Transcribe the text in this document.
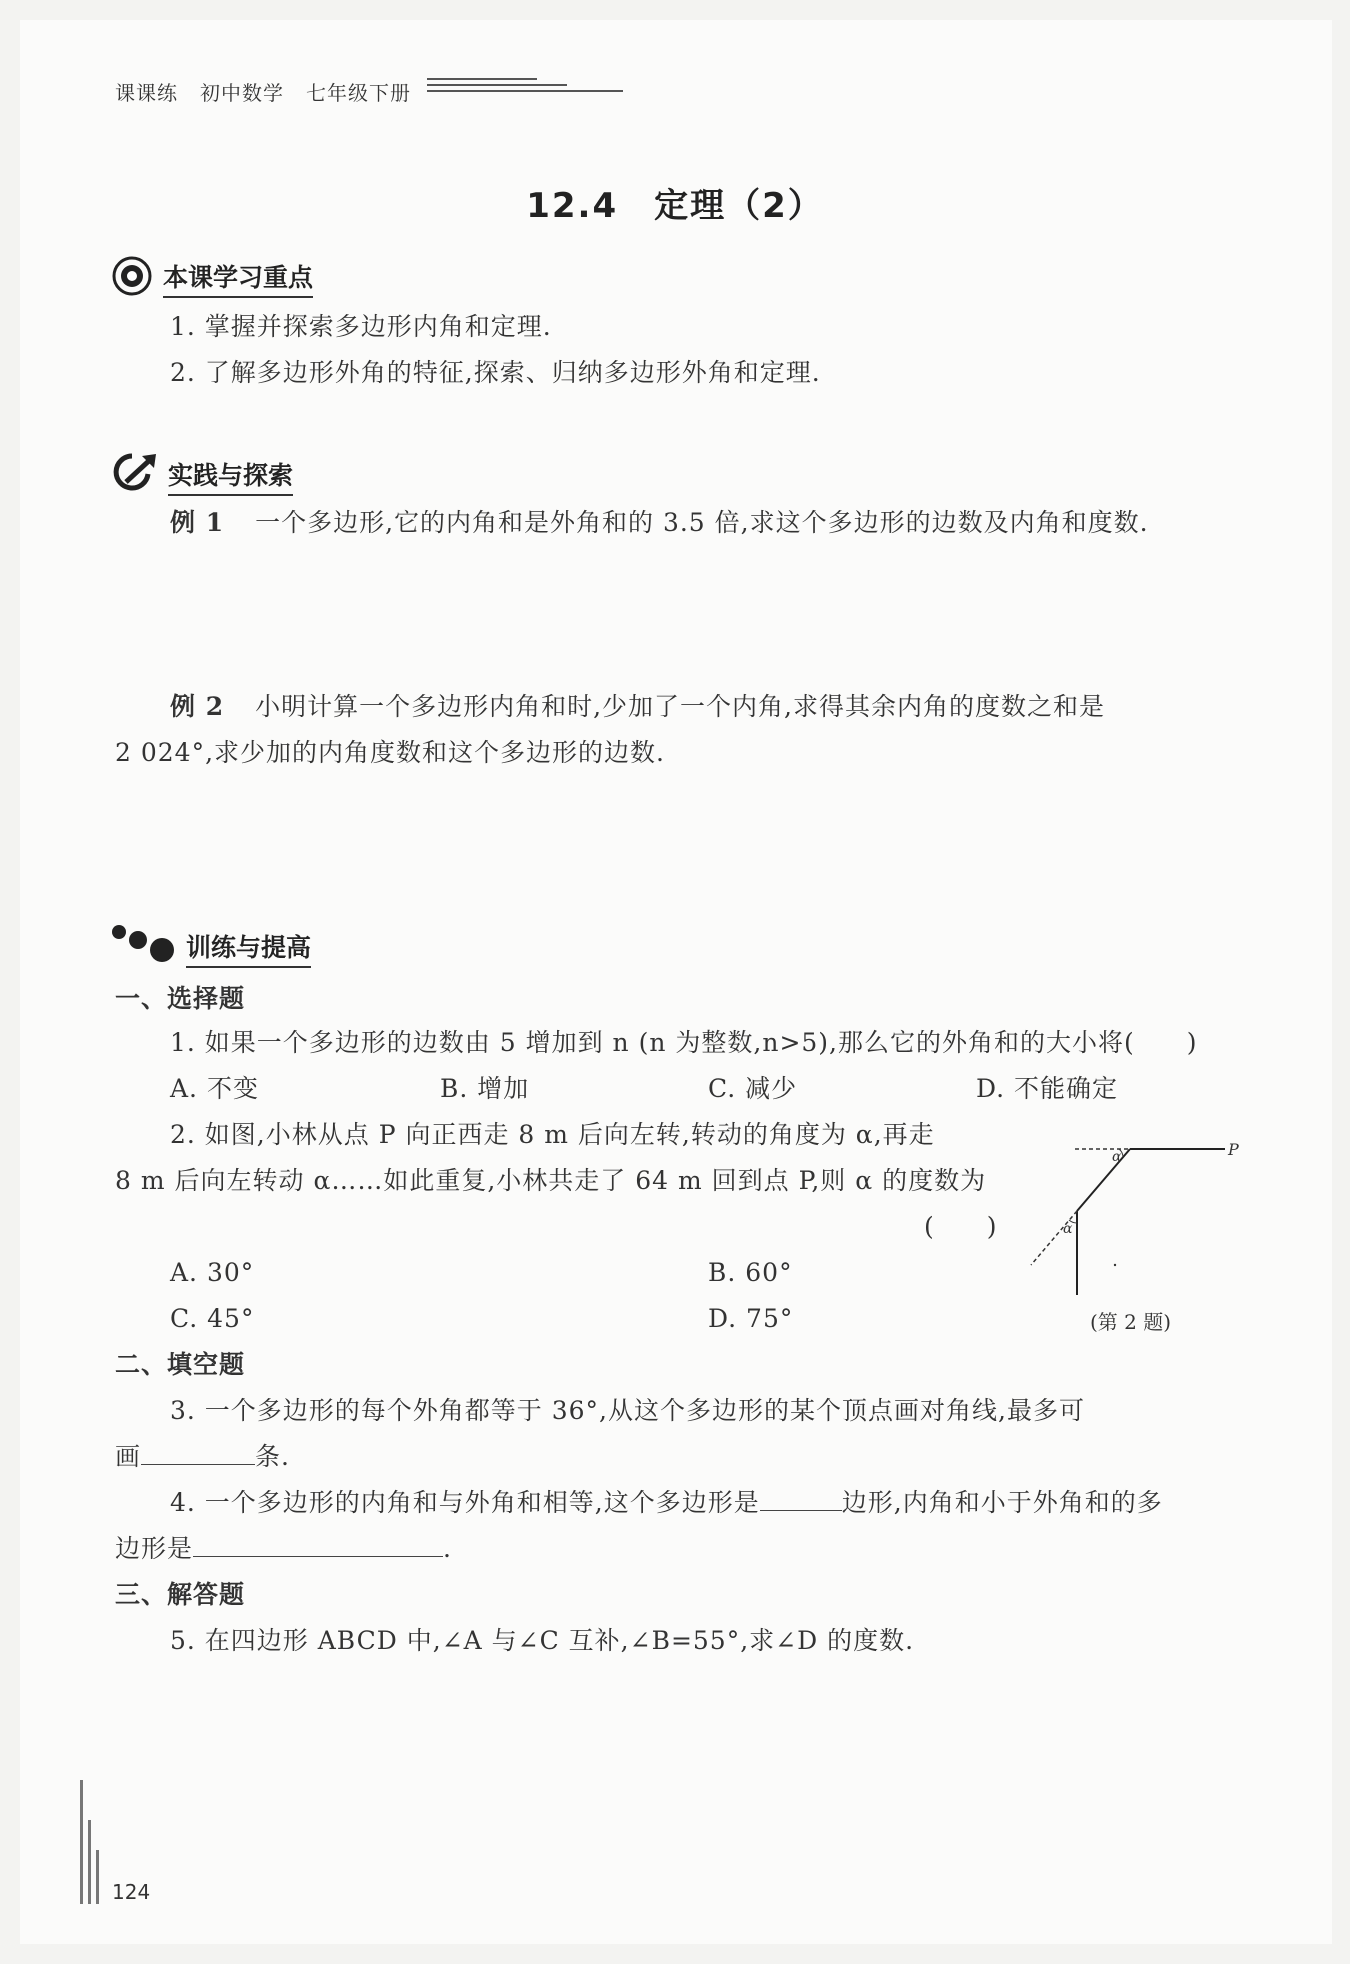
课课练 初中数学 七年级下册
12.4　定理（2）
本课学习重点
1. 掌握并探索多边形内角和定理.
2. 了解多边形外角的特征,探索、归纳多边形外角和定理.
实践与探索
例 1 一个多边形,它的内角和是外角和的 3.5 倍,求这个多边形的边数及内角和度数.
例 2 小明计算一个多边形内角和时,少加了一个内角,求得其余内角的度数之和是
2 024°,求少加的内角度数和这个多边形的边数.
训练与提高
一、选择题
1. 如果一个多边形的边数由 5 增加到 n (n 为整数,n>5),那么它的外角和的大小将(　　)
A. 不变	B. 增加	C. 减少	D. 不能确定
2. 如图,小林从点 P 向正西走 8 m 后向左转,转动的角度为 α,再走
8 m 后向左转动 α……如此重复,小林共走了 64 m 回到点 P,则 α 的度数为
(　　)
A. 30°	B. 60°
C. 45°	D. 75°
P
α
α
(第 2 题)
二、填空题
3. 一个多边形的每个外角都等于 36°,从这个多边形的某个顶点画对角线,最多可
画	条.
4. 一个多边形的内角和与外角和相等,这个多边形是	边形,内角和小于外角和的多
边形是	.
三、解答题
5. 在四边形 ABCD 中,∠A 与∠C 互补,∠B=55°,求∠D 的度数.
124
